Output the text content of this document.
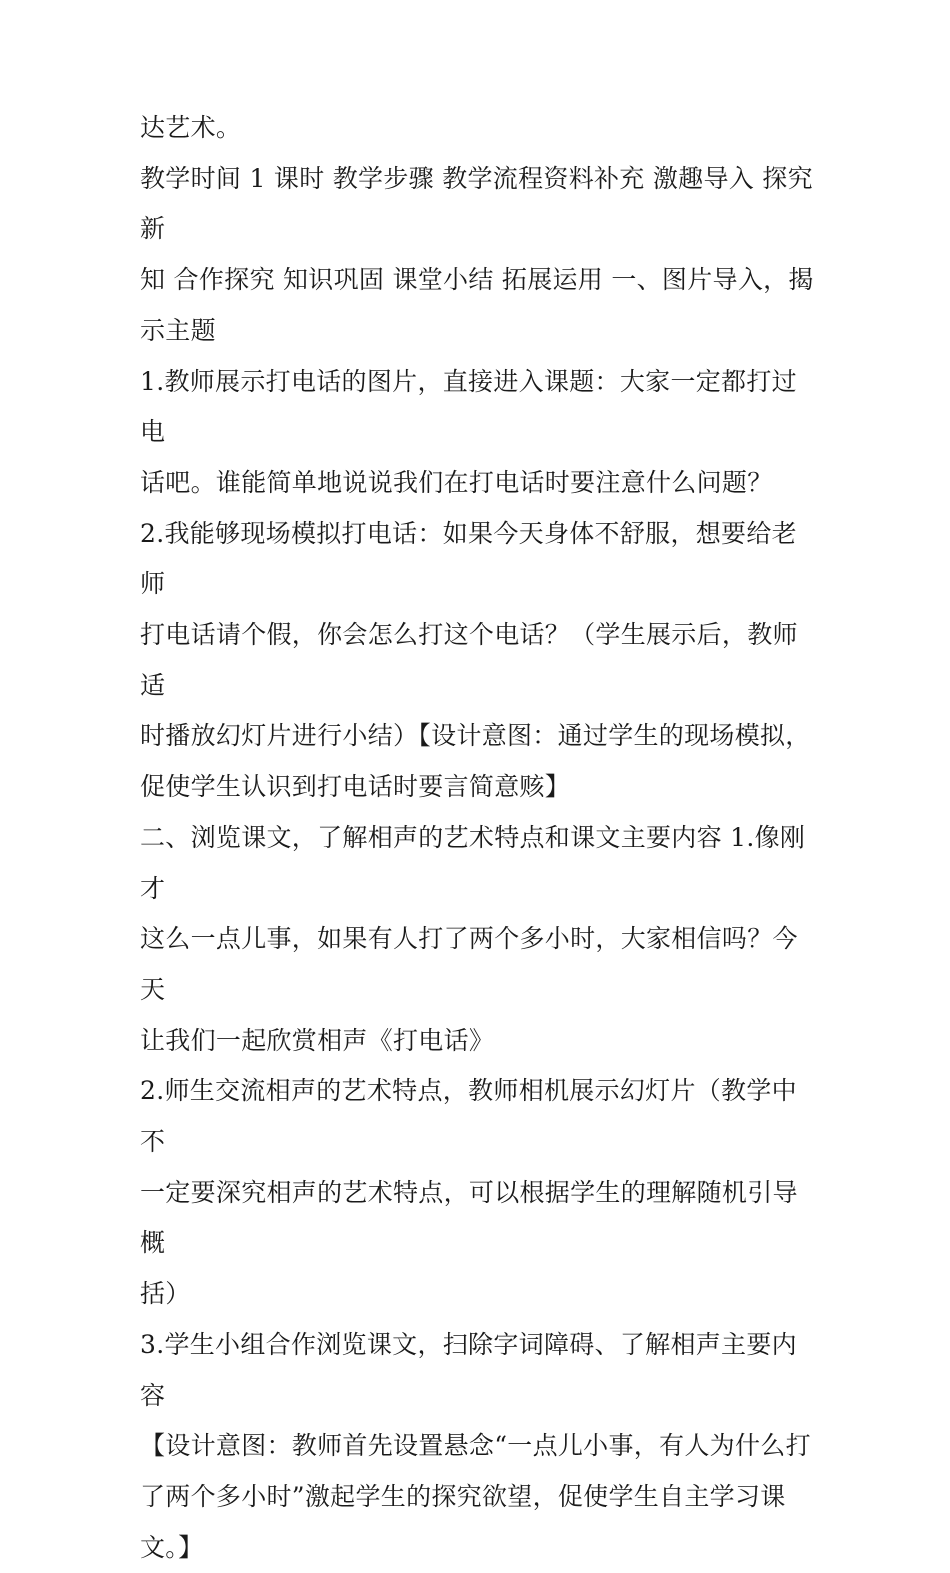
达艺术。

教学时间 1 课时 教学步骤 教学流程资料补充 激趣导入 探究新
知 合作探究 知识巩固 课堂小结 拓展运用 一、图片导入，揭
示主题

1.教师展示打电话的图片，直接进入课题：大家一定都打过电
话吧。谁能简单地说说我们在打电话时要注意什么问题？

2.我能够现场模拟打电话：如果今天身体不舒服，想要给老师
打电话请个假，你会怎么打这个电话？（学生展示后，教师适
时播放幻灯片进行小结）【设计意图：通过学生的现场模拟，
促使学生认识到打电话时要言简意赅】

二、浏览课文，了解相声的艺术特点和课文主要内容 1.像刚才
这么一点儿事，如果有人打了两个多小时，大家相信吗？今天
让我们一起欣赏相声《打电话》

2.师生交流相声的艺术特点，教师相机展示幻灯片（教学中不
一定要深究相声的艺术特点，可以根据学生的理解随机引导概
括）

3.学生小组合作浏览课文，扫除字词障碍、了解相声主要内容
【设计意图：教师首先设置悬念“一点儿小事，有人为什么打
了两个多小时”激起学生的探究欲望，促使学生自主学习课
文。】
